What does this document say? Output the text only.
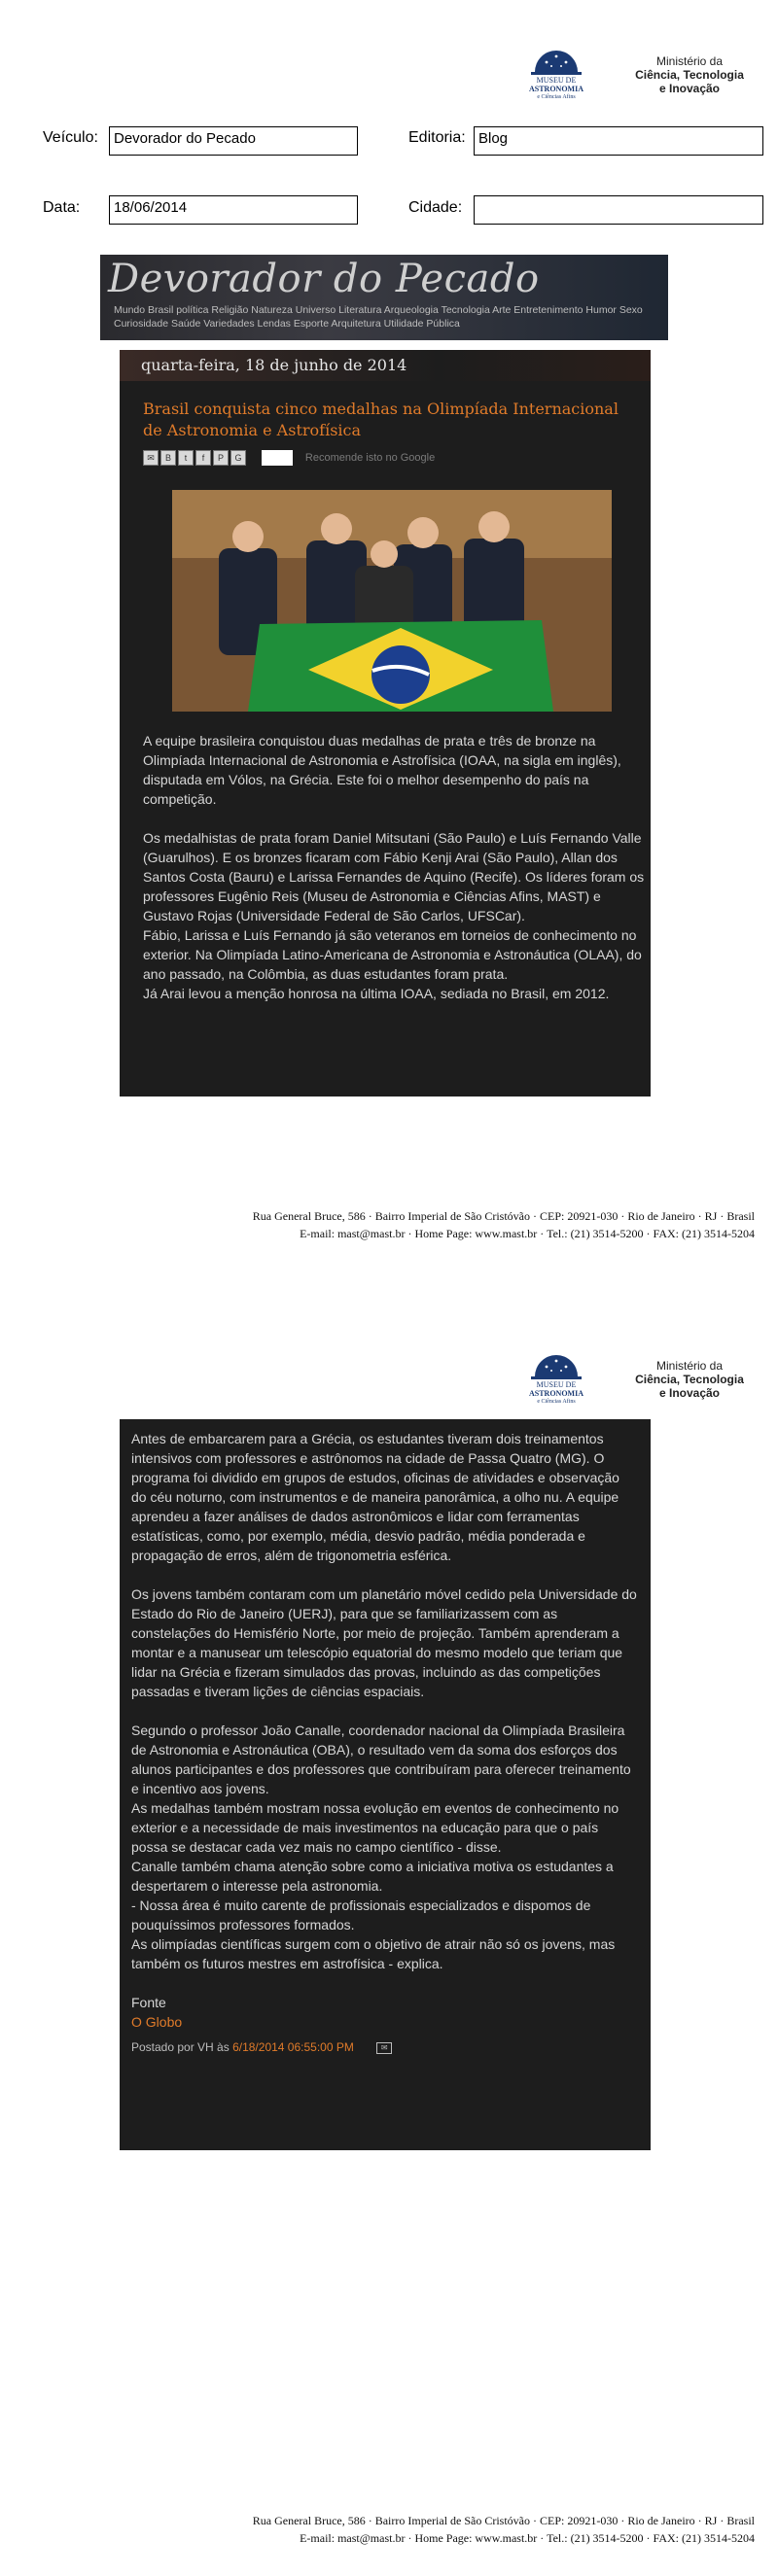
MUSEU DE
ASTRONOMIA
e Ciências Afins
Ministério da
Ciência, Tecnologia
e Inovação
Veículo:	Devorador do Pecado	Editoria: Blog
Data:	18/06/2014	Cidade:
Devorador do Pecado
Mundo Brasil política Religião Natureza Universo Literatura Arqueologia Tecnologia Arte Entretenimento Humor Sexo Curiosidade Saúde Variedades Lendas Esporte Arquitetura Utilidade Pública
quarta-feira, 18 de junho de 2014
Brasil conquista cinco medalhas na Olimpíada Internacional de Astronomia e Astrofísica
✉ B t f P G	Recomende isto no Google

A equipe brasileira conquistou duas medalhas de prata e três de bronze na Olimpíada Internacional de Astronomia e Astrofísica (IOAA, na sigla em inglês), disputada em Vólos, na Grécia. Este foi o melhor desempenho do país na competição.

Os medalhistas de prata foram Daniel Mitsutani (São Paulo) e Luís Fernando Valle (Guarulhos). E os bronzes ficaram com Fábio Kenji Arai (São Paulo), Allan dos Santos Costa (Bauru) e Larissa Fernandes de Aquino (Recife). Os líderes foram os professores Eugênio Reis (Museu de Astronomia e Ciências Afins, MAST) e Gustavo Rojas (Universidade Federal de São Carlos, UFSCar).

Fábio, Larissa e Luís Fernando já são veteranos em torneios de conhecimento no exterior. Na Olimpíada Latino-Americana de Astronomia e Astronáutica (OLAA), do ano passado, na Colômbia, as duas estudantes foram prata.

Já Arai levou a menção honrosa na última IOAA, sediada no Brasil, em 2012.

Rua General Bruce, 586 · Bairro Imperial de São Cristóvão · CEP: 20921-030 · Rio de Janeiro · RJ · Brasil
E-mail: mast@mast.br · Home Page: www.mast.br · Tel.: (21) 3514-5200 · FAX: (21) 3514-5204
MUSEU DE
ASTRONOMIA
e Ciências Afins
Ministério da
Ciência, Tecnologia
e Inovação

Antes de embarcarem para a Grécia, os estudantes tiveram dois treinamentos intensivos com professores e astrônomos na cidade de Passa Quatro (MG). O programa foi dividido em grupos de estudos, oficinas de atividades e observação do céu noturno, com instrumentos e de maneira panorâmica, a olho nu. A equipe aprendeu a fazer análises de dados astronômicos e lidar com ferramentas estatísticas, como, por exemplo, média, desvio padrão, média ponderada e propagação de erros, além de trigonometria esférica.

Os jovens também contaram com um planetário móvel cedido pela Universidade do Estado do Rio de Janeiro (UERJ), para que se familiarizassem com as constelações do Hemisfério Norte, por meio de projeção. Também aprenderam a montar e a manusear um telescópio equatorial do mesmo modelo que teriam que lidar na Grécia e fizeram simulados das provas, incluindo as das competições passadas e tiveram lições de ciências espaciais.

Segundo o professor João Canalle, coordenador nacional da Olimpíada Brasileira de Astronomia e Astronáutica (OBA), o resultado vem da soma dos esforços dos alunos participantes e dos professores que contribuíram para oferecer treinamento e incentivo aos jovens.

As medalhas também mostram nossa evolução em eventos de conhecimento no exterior e a necessidade de mais investimentos na educação para que o país possa se destacar cada vez mais no campo científico - disse.

Canalle também chama atenção sobre como a iniciativa motiva os estudantes a despertarem o interesse pela astronomia.

- Nossa área é muito carente de profissionais especializados e dispomos de pouquíssimos professores formados.

As olimpíadas científicas surgem com o objetivo de atrair não só os jovens, mas também os futuros mestres em astrofísica - explica.

Fonte

O Globo

Postado por VH às 6/18/2014 06:55:00 PM	✉

Rua General Bruce, 586 · Bairro Imperial de São Cristóvão · CEP: 20921-030 · Rio de Janeiro · RJ · Brasil
E-mail: mast@mast.br · Home Page: www.mast.br · Tel.: (21) 3514-5200 · FAX: (21) 3514-5204
